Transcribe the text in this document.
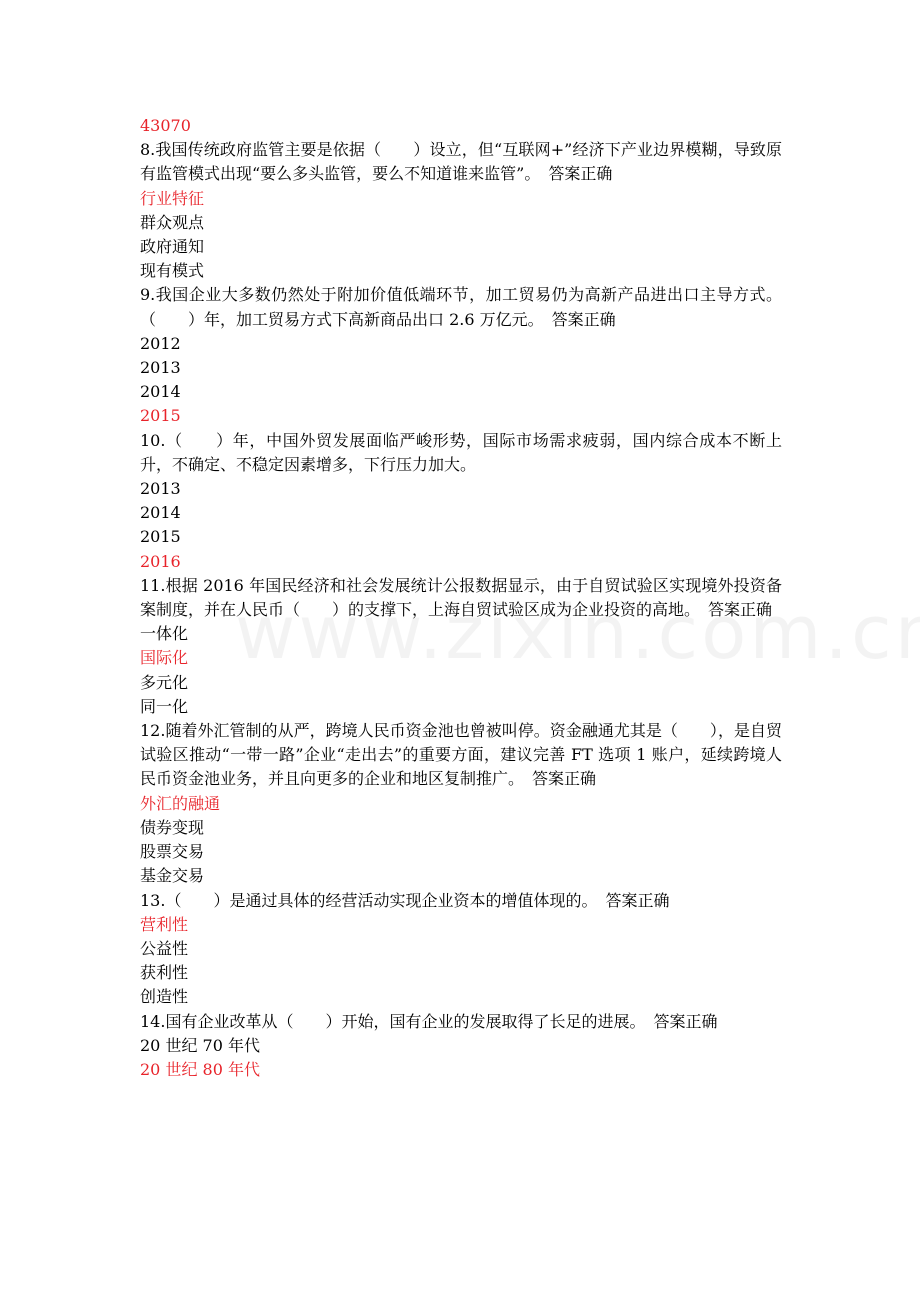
43070
8.我国传统政府监管主要是依据（　　）设立，但“互联网+”经济下产业边界模糊，导致原有监管模式出现“要么多头监管，要么不知道谁来监管”。　答案正确
行业特征
群众观点
政府通知
现有模式
9.我国企业大多数仍然处于附加价值低端环节，加工贸易仍为高新产品进出口主导方式。（　　）年，加工贸易方式下高新商品出口 2.6 万亿元。　答案正确
2012
2013
2014
2015
10.（　　）年，中国外贸发展面临严峻形势，国际市场需求疲弱，国内综合成本不断上升，不确定、不稳定因素增多，下行压力加大。
2013
2014
2015
2016
11.根据 2016 年国民经济和社会发展统计公报数据显示，由于自贸试验区实现境外投资备案制度，并在人民币（　　）的支撑下，上海自贸试验区成为企业投资的高地。　答案正确
一体化
国际化
多元化
同一化
12.随着外汇管制的从严，跨境人民币资金池也曾被叫停。资金融通尤其是（　　），是自贸试验区推动“一带一路”企业“走出去”的重要方面，建议完善 FT 选项 1 账户，延续跨境人民币资金池业务，并且向更多的企业和地区复制推广。　答案正确
外汇的融通
债券变现
股票交易
基金交易
13.（　　）是通过具体的经营活动实现企业资本的增值体现的。　答案正确
营利性
公益性
获利性
创造性
14.国有企业改革从（　　）开始，国有企业的发展取得了长足的进展。　答案正确
20 世纪 70 年代
20 世纪 80 年代
